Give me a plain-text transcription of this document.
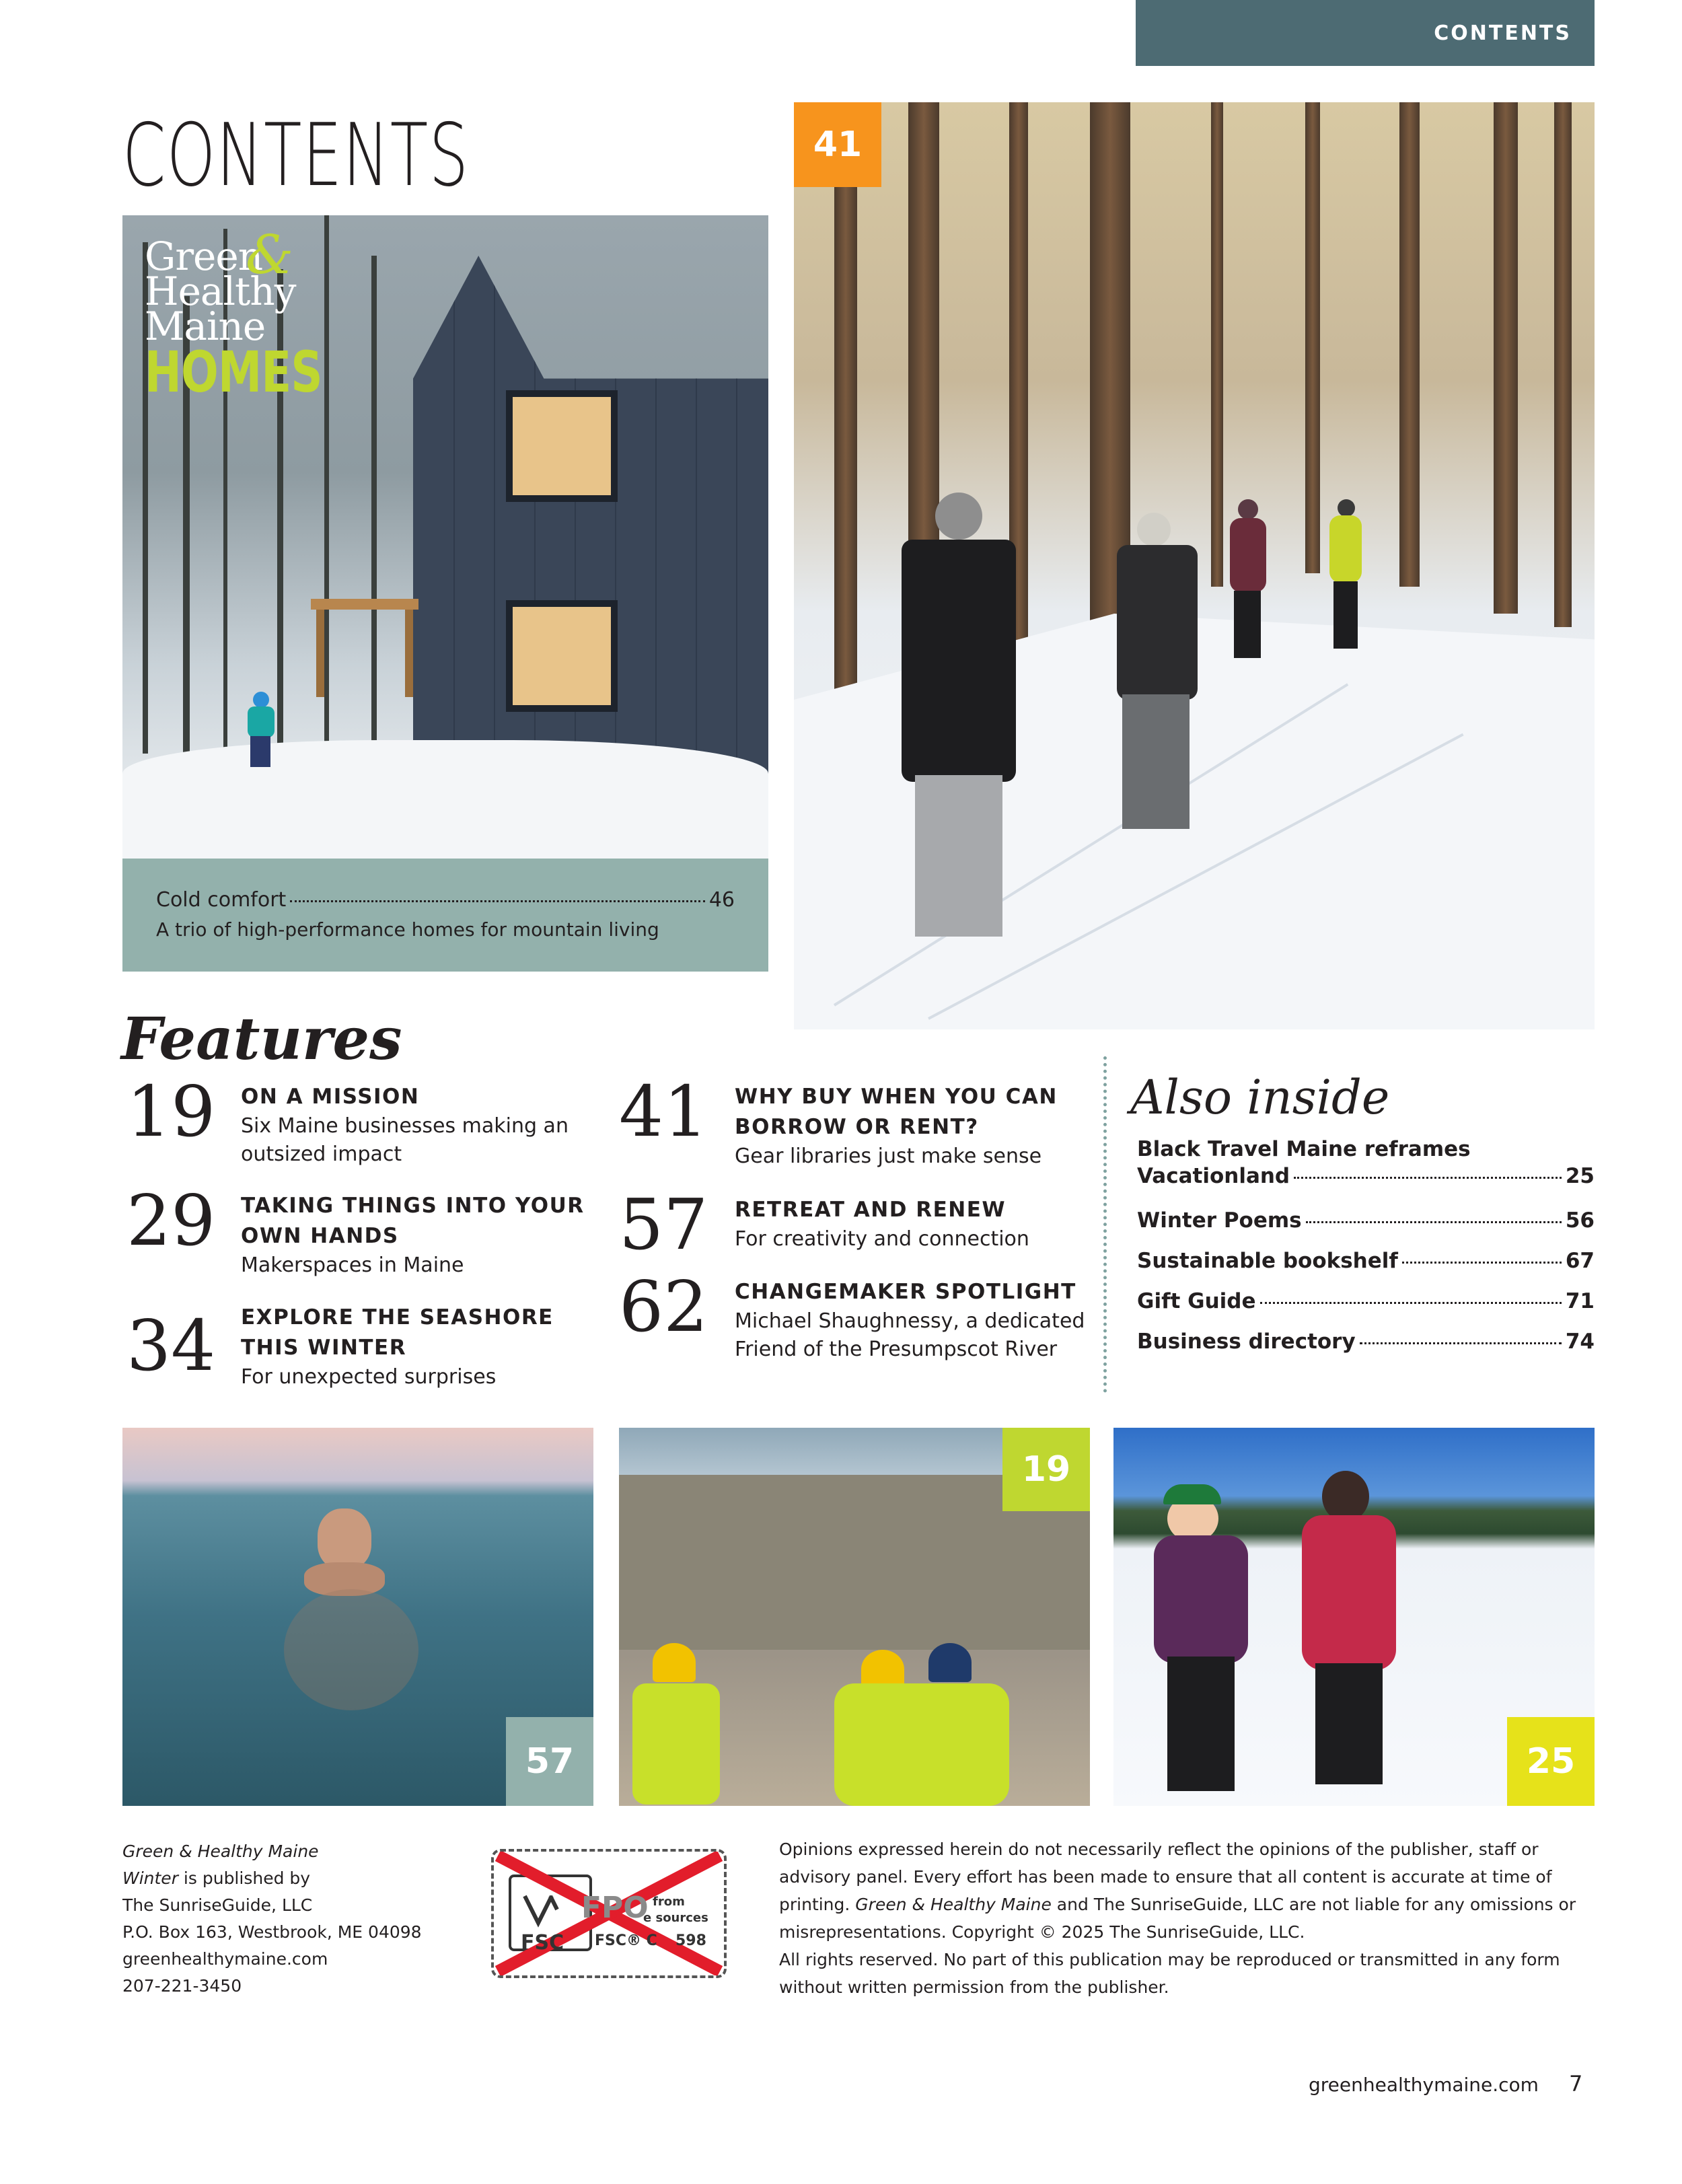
CONTENTS
CONTENTS
Green
&
Healthy
Maine
HOMES
Cold comfort	46
A trio of high-performance homes for mountain living
41
Features
19	ON A MISSION
Six Maine businesses making an
outsized impact
29	TAKING THINGS INTO YOUR
OWN HANDS
Makerspaces in Maine
34	EXPLORE THE SEASHORE
THIS WINTER
For unexpected surprises
41	WHY BUY WHEN YOU CAN
BORROW OR RENT?
Gear libraries just make sense
57	RETREAT AND RENEW
For creativity and connection
62	CHANGEMAKER SPOTLIGHT
Michael Shaughnessy, a dedicated
Friend of the Presumpscot River
Also inside
Black Travel Maine reframes
Vacationland	25
Winter Poems	56
Sustainable bookshelf	67
Gift Guide	71
Business directory	74
57
19
25
Green & Healthy Maine
Winter is published by
The SunriseGuide, LLC
P.O. Box 163, Westbrook, ME 04098
greenhealthymaine.com
207-221-3450
FSC
FPO from
e sources
FSC® C 598
Opinions expressed herein do not necessarily reflect the opinions of the publisher, staff or advisory panel. Every effort has been made to ensure that all content is accurate at time of printing. Green & Healthy Maine and The SunriseGuide, LLC are not liable for any omissions or misrepresentations. Copyright © 2025 The SunriseGuide, LLC.
All rights reserved. No part of this publication may be reproduced or transmitted in any form without written permission from the publisher.
greenhealthymaine.com 7
